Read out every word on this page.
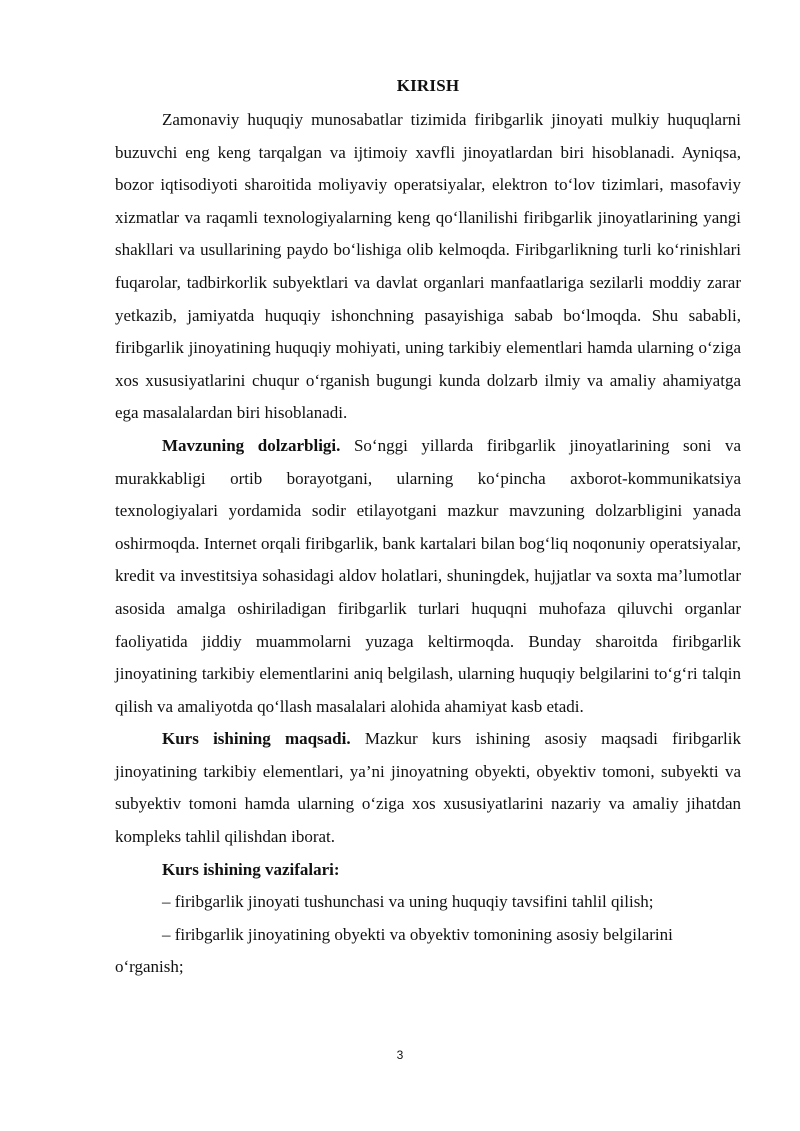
KIRISH

Zamonaviy huquqiy munosabatlar tizimida firibgarlik jinoyati mulkiy huquqlarni buzuvchi eng keng tarqalgan va ijtimoiy xavfli jinoyatlardan biri hisoblanadi. Ayniqsa, bozor iqtisodiyoti sharoitida moliyaviy operatsiyalar, elektron to‘lov tizimlari, masofaviy xizmatlar va raqamli texnologiyalarning keng qo‘llanilishi firibgarlik jinoyatlarining yangi shakllari va usullarining paydo bo‘lishiga olib kelmoqda. Firibgarlikning turli ko‘rinishlari fuqarolar, tadbirkorlik subyektlari va davlat organlari manfaatlariga sezilarli moddiy zarar yetkazib, jamiyatda huquqiy ishonchning pasayishiga sabab bo‘lmoqda. Shu sababli, firibgarlik jinoyatining huquqiy mohiyati, uning tarkibiy elementlari hamda ularning o‘ziga xos xususiyatlarini chuqur o‘rganish bugungi kunda dolzarb ilmiy va amaliy ahamiyatga ega masalalardan biri hisoblanadi.

Mavzuning dolzarbligi. So‘nggi yillarda firibgarlik jinoyatlarining soni va murakkabligi ortib borayotgani, ularning ko‘pincha axborot-kommunikatsiya texnologiyalari yordamida sodir etilayotgani mazkur mavzuning dolzarbligini yanada oshirmoqda. Internet orqali firibgarlik, bank kartalari bilan bog‘liq noqonuniy operatsiyalar, kredit va investitsiya sohasidagi aldov holatlari, shuningdek, hujjatlar va soxta ma’lumotlar asosida amalga oshiriladigan firibgarlik turlari huquqni muhofaza qiluvchi organlar faoliyatida jiddiy muammolarni yuzaga keltirmoqda. Bunday sharoitda firibgarlik jinoyatining tarkibiy elementlarini aniq belgilash, ularning huquqiy belgilarini to‘g‘ri talqin qilish va amaliyotda qo‘llash masalalari alohida ahamiyat kasb etadi.

Kurs ishining maqsadi. Mazkur kurs ishining asosiy maqsadi firibgarlik jinoyatining tarkibiy elementlari, ya’ni jinoyatning obyekti, obyektiv tomoni, subyekti va subyektiv tomoni hamda ularning o‘ziga xos xususiyatlarini nazariy va amaliy jihatdan kompleks tahlil qilishdan iborat.

Kurs ishining vazifalari:

– firibgarlik jinoyati tushunchasi va uning huquqiy tavsifini tahlil qilish;

– firibgarlik jinoyatining obyekti va obyektiv tomonining asosiy belgilarini o‘rganish;

3
